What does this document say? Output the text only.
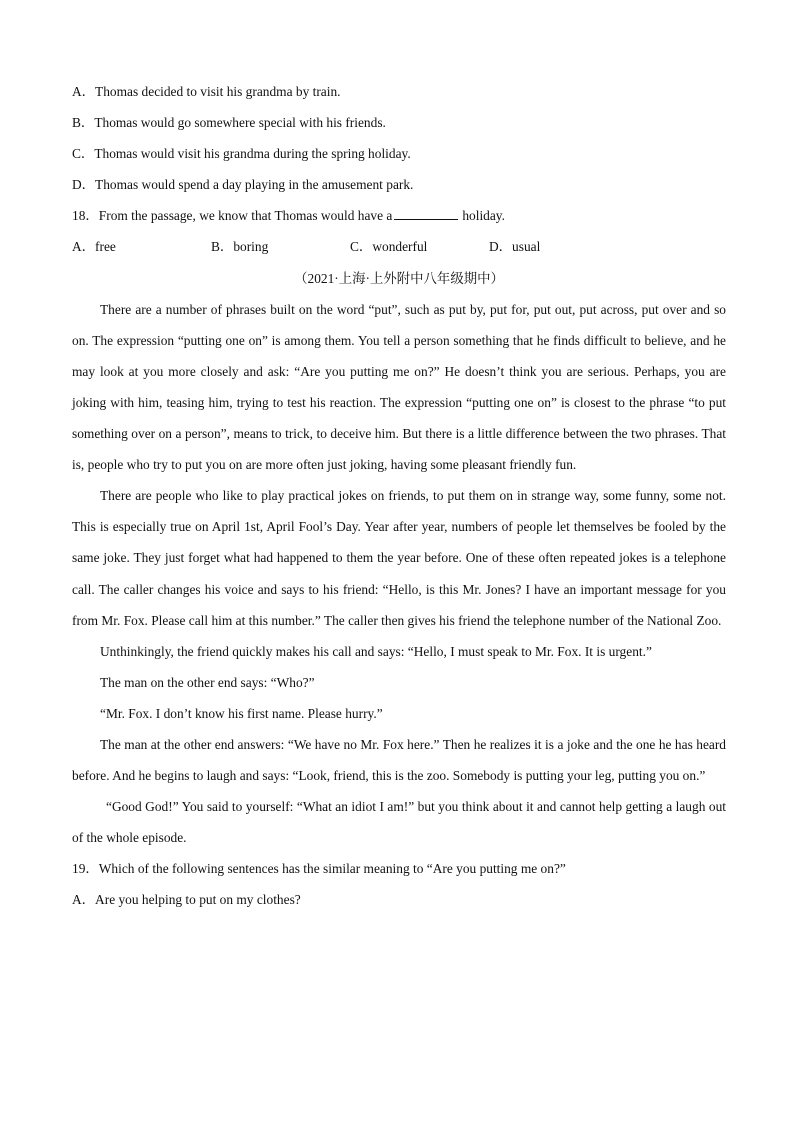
A．Thomas decided to visit his grandma by train.

B．Thomas would go somewhere special with his friends.

C．Thomas would visit his grandma during the spring holiday.

D．Thomas would spend a day playing in the amusement park.

18．From the passage, we know that Thomas would have a	holiday.

A．free	B．boring	C．wonderful	D．usual

（2021·上海·上外附中八年级期中）

There are a number of phrases built on the word “put”, such as put by, put for, put out, put across, put over and so on. The expression “putting one on” is among them. You tell a person something that he finds difficult to believe, and he may look at you more closely and ask: “Are you putting me on?” He doesn’t think you are serious. Perhaps, you are joking with him, teasing him, trying to test his reaction. The expression “putting one on” is closest to the phrase “to put something over on a person”, means to trick, to deceive him. But there is a little difference between the two phrases. That is, people who try to put you on are more often just joking, having some pleasant friendly fun.

There are people who like to play practical jokes on friends, to put them on in strange way, some funny, some not. This is especially true on April 1st, April Fool’s Day. Year after year, numbers of people let themselves be fooled by the same joke. They just forget what had happened to them the year before. One of these often repeated jokes is a telephone call. The caller changes his voice and says to his friend: “Hello, is this Mr. Jones? I have an important message for you from Mr. Fox. Please call him at this number.” The caller then gives his friend the telephone number of the National Zoo.

Unthinkingly, the friend quickly makes his call and says: “Hello, I must speak to Mr. Fox. It is urgent.”

The man on the other end says: “Who?”

“Mr. Fox. I don’t know his first name. Please hurry.”

The man at the other end answers: “We have no Mr. Fox here.” Then he realizes it is a joke and the one he has heard before. And he begins to laugh and says: “Look, friend, this is the zoo. Somebody is putting your leg, putting you on.”

“Good God!” You said to yourself: “What an idiot I am!” but you think about it and cannot help getting a laugh out of the whole episode.

19．Which of the following sentences has the similar meaning to “Are you putting me on?”

A．Are you helping to put on my clothes?
